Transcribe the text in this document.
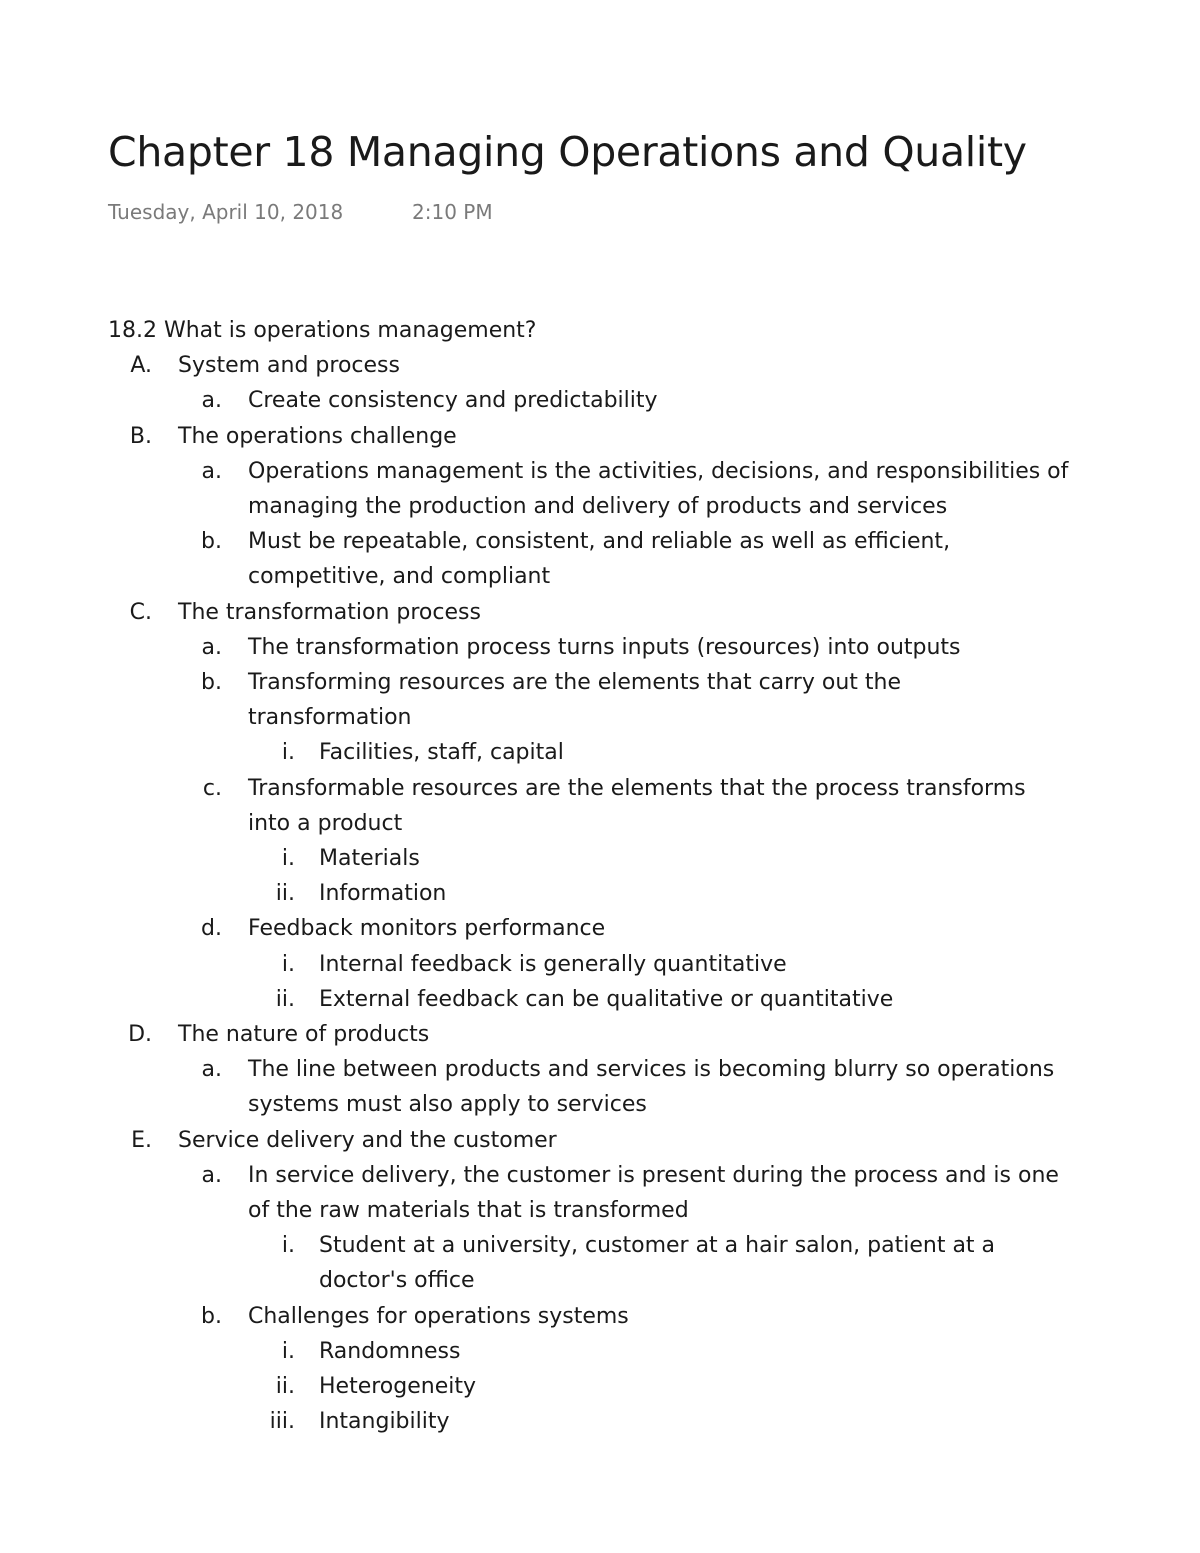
Chapter 18 Managing Operations and Quality
Tuesday, April 10, 2018	2:10 PM
18.2 What is operations management?
A. System and process
a. Create consistency and predictability
B. The operations challenge
a. Operations management is the activities, decisions, and responsibilities of
managing the production and delivery of products and services
b. Must be repeatable, consistent, and reliable as well as efficient,
competitive, and compliant
C. The transformation process
a. The transformation process turns inputs (resources) into outputs
b. Transforming resources are the elements that carry out the
transformation
i. Facilities, staff, capital
c. Transformable resources are the elements that the process transforms
into a product
i. Materials
ii. Information
d. Feedback monitors performance
i. Internal feedback is generally quantitative
ii. External feedback can be qualitative or quantitative
D. The nature of products
a. The line between products and services is becoming blurry so operations
systems must also apply to services
E. Service delivery and the customer
a. In service delivery, the customer is present during the process and is one
of the raw materials that is transformed
i. Student at a university, customer at a hair salon, patient at a
doctor's office
b. Challenges for operations systems
i. Randomness
ii. Heterogeneity
iii. Intangibility
